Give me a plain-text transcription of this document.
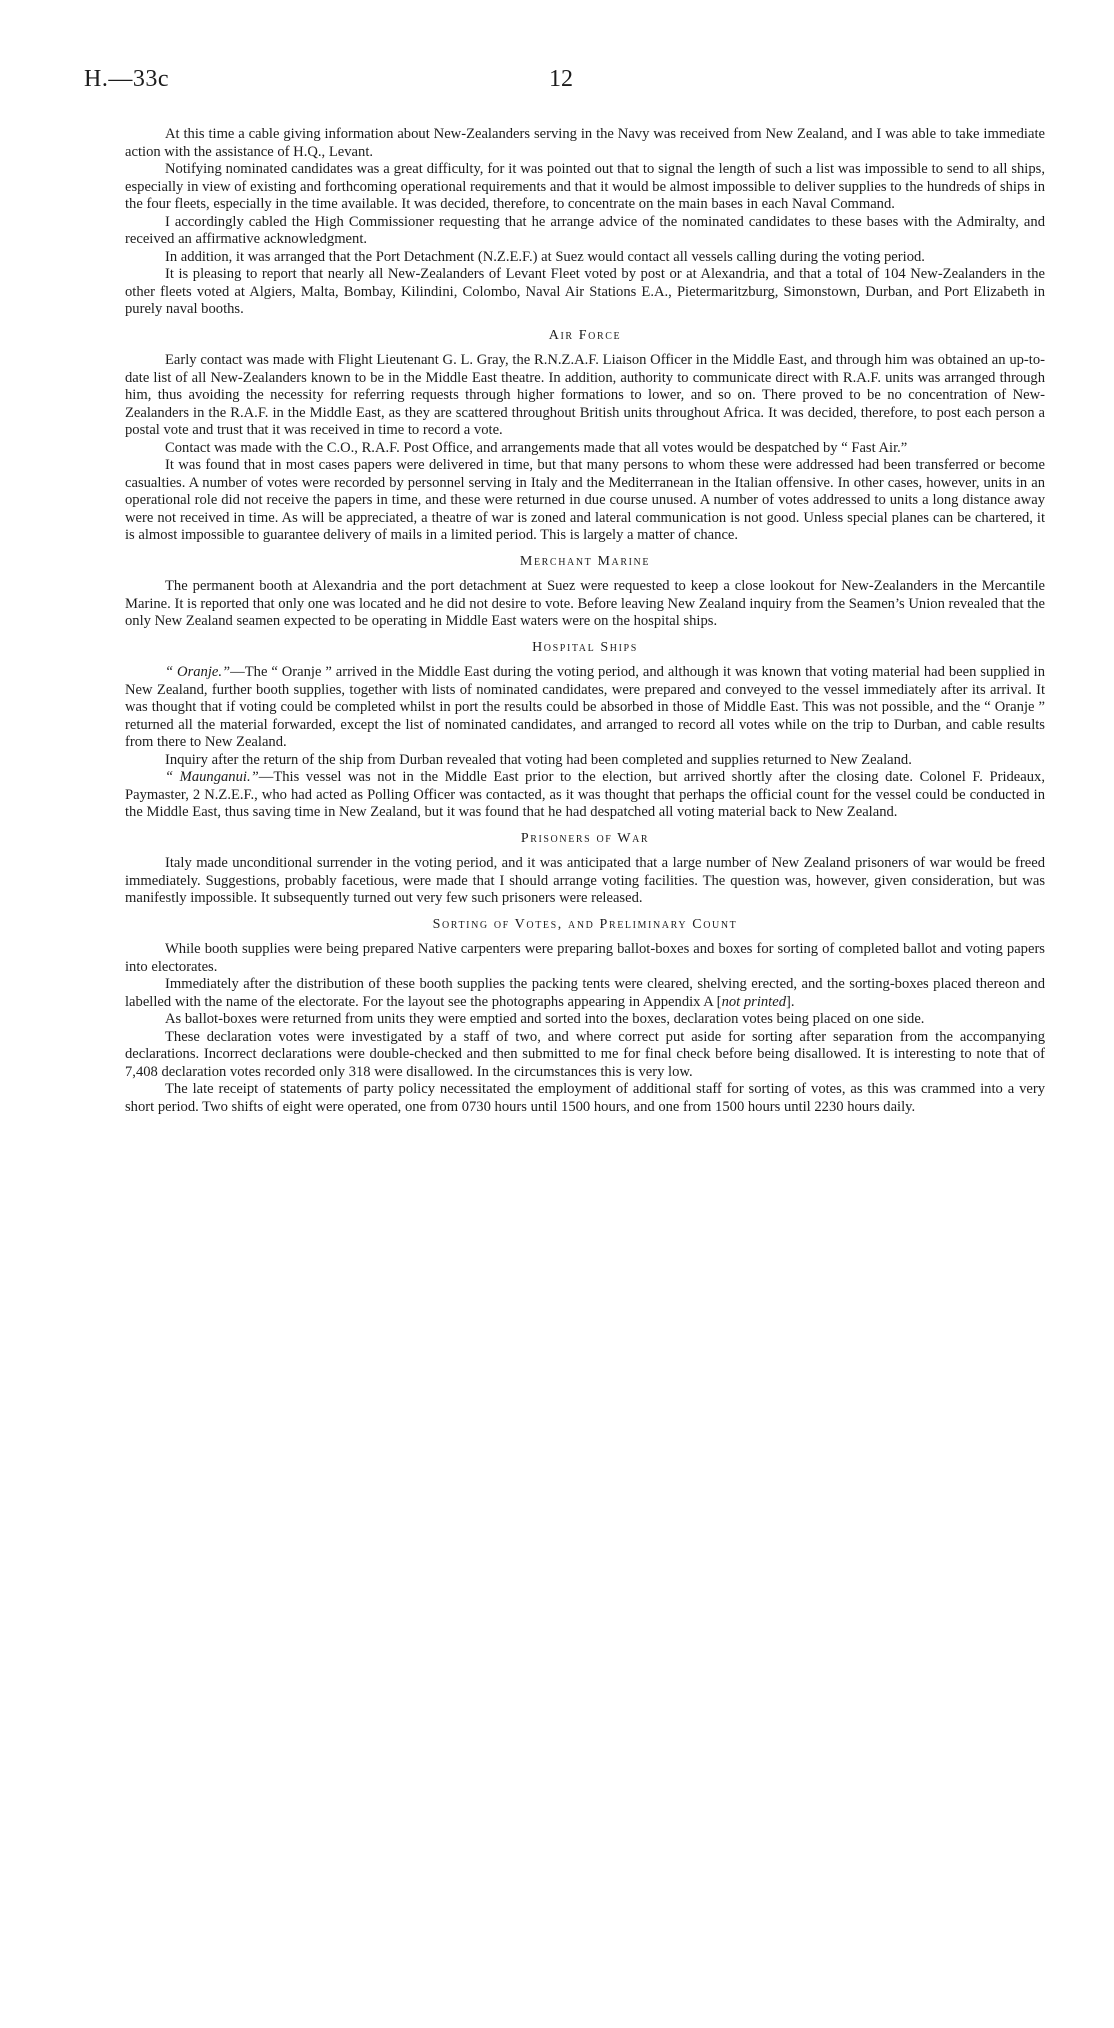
H.—33c	12

At this time a cable giving information about New-Zealanders serving in the Navy was received from New Zealand, and I was able to take immediate action with the assistance of H.Q., Levant.

Notifying nominated candidates was a great difficulty, for it was pointed out that to signal the length of such a list was impossible to send to all ships, especially in view of existing and forthcoming operational requirements and that it would be almost impossible to deliver supplies to the hundreds of ships in the four fleets, especially in the time available. It was decided, therefore, to concentrate on the main bases in each Naval Command.

I accordingly cabled the High Commissioner requesting that he arrange advice of the nominated candidates to these bases with the Admiralty, and received an affirmative acknowledgment.

In addition, it was arranged that the Port Detachment (N.Z.E.F.) at Suez would contact all vessels calling during the voting period.

It is pleasing to report that nearly all New-Zealanders of Levant Fleet voted by post or at Alexandria, and that a total of 104 New-Zealanders in the other fleets voted at Algiers, Malta, Bombay, Kilindini, Colombo, Naval Air Stations E.A., Pietermaritzburg, Simonstown, Durban, and Port Elizabeth in purely naval booths.

Air Force

Early contact was made with Flight Lieutenant G. L. Gray, the R.N.Z.A.F. Liaison Officer in the Middle East, and through him was obtained an up-to-date list of all New-Zealanders known to be in the Middle East theatre. In addition, authority to communicate direct with R.A.F. units was arranged through him, thus avoiding the necessity for referring requests through higher formations to lower, and so on. There proved to be no concentration of New-Zealanders in the R.A.F. in the Middle East, as they are scattered throughout British units throughout Africa. It was decided, therefore, to post each person a postal vote and trust that it was received in time to record a vote.

Contact was made with the C.O., R.A.F. Post Office, and arrangements made that all votes would be despatched by “ Fast Air.”

It was found that in most cases papers were delivered in time, but that many persons to whom these were addressed had been transferred or become casualties. A number of votes were recorded by personnel serving in Italy and the Mediterranean in the Italian offensive. In other cases, however, units in an operational role did not receive the papers in time, and these were returned in due course unused. A number of votes addressed to units a long distance away were not received in time. As will be appreciated, a theatre of war is zoned and lateral communication is not good. Unless special planes can be chartered, it is almost impossible to guarantee delivery of mails in a limited period. This is largely a matter of chance.

Merchant Marine

The permanent booth at Alexandria and the port detachment at Suez were requested to keep a close lookout for New-Zealanders in the Mercantile Marine. It is reported that only one was located and he did not desire to vote. Before leaving New Zealand inquiry from the Seamen’s Union revealed that the only New Zealand seamen expected to be operating in Middle East waters were on the hospital ships.

Hospital Ships

“ Oranje.”—The “ Oranje ” arrived in the Middle East during the voting period, and although it was known that voting material had been supplied in New Zealand, further booth supplies, together with lists of nominated candidates, were prepared and conveyed to the vessel immediately after its arrival. It was thought that if voting could be completed whilst in port the results could be absorbed in those of Middle East. This was not possible, and the “ Oranje ” returned all the material forwarded, except the list of nominated candidates, and arranged to record all votes while on the trip to Durban, and cable results from there to New Zealand.

Inquiry after the return of the ship from Durban revealed that voting had been completed and supplies returned to New Zealand.

“ Maunganui.”—This vessel was not in the Middle East prior to the election, but arrived shortly after the closing date. Colonel F. Prideaux, Paymaster, 2 N.Z.E.F., who had acted as Polling Officer was contacted, as it was thought that perhaps the official count for the vessel could be conducted in the Middle East, thus saving time in New Zealand, but it was found that he had despatched all voting material back to New Zealand.

Prisoners of War

Italy made unconditional surrender in the voting period, and it was anticipated that a large number of New Zealand prisoners of war would be freed immediately. Suggestions, probably facetious, were made that I should arrange voting facilities. The question was, however, given consideration, but was manifestly impossible. It subsequently turned out very few such prisoners were released.

Sorting of Votes, and Preliminary Count

While booth supplies were being prepared Native carpenters were preparing ballot-boxes and boxes for sorting of completed ballot and voting papers into electorates.

Immediately after the distribution of these booth supplies the packing tents were cleared, shelving erected, and the sorting-boxes placed thereon and labelled with the name of the electorate. For the layout see the photographs appearing in Appendix A [not printed].

As ballot-boxes were returned from units they were emptied and sorted into the boxes, declaration votes being placed on one side.

These declaration votes were investigated by a staff of two, and where correct put aside for sorting after separation from the accompanying declarations. Incorrect declarations were double-checked and then submitted to me for final check before being disallowed. It is interesting to note that of 7,408 declaration votes recorded only 318 were disallowed. In the circumstances this is very low.

The late receipt of statements of party policy necessitated the employment of additional staff for sorting of votes, as this was crammed into a very short period. Two shifts of eight were operated, one from 0730 hours until 1500 hours, and one from 1500 hours until 2230 hours daily.
